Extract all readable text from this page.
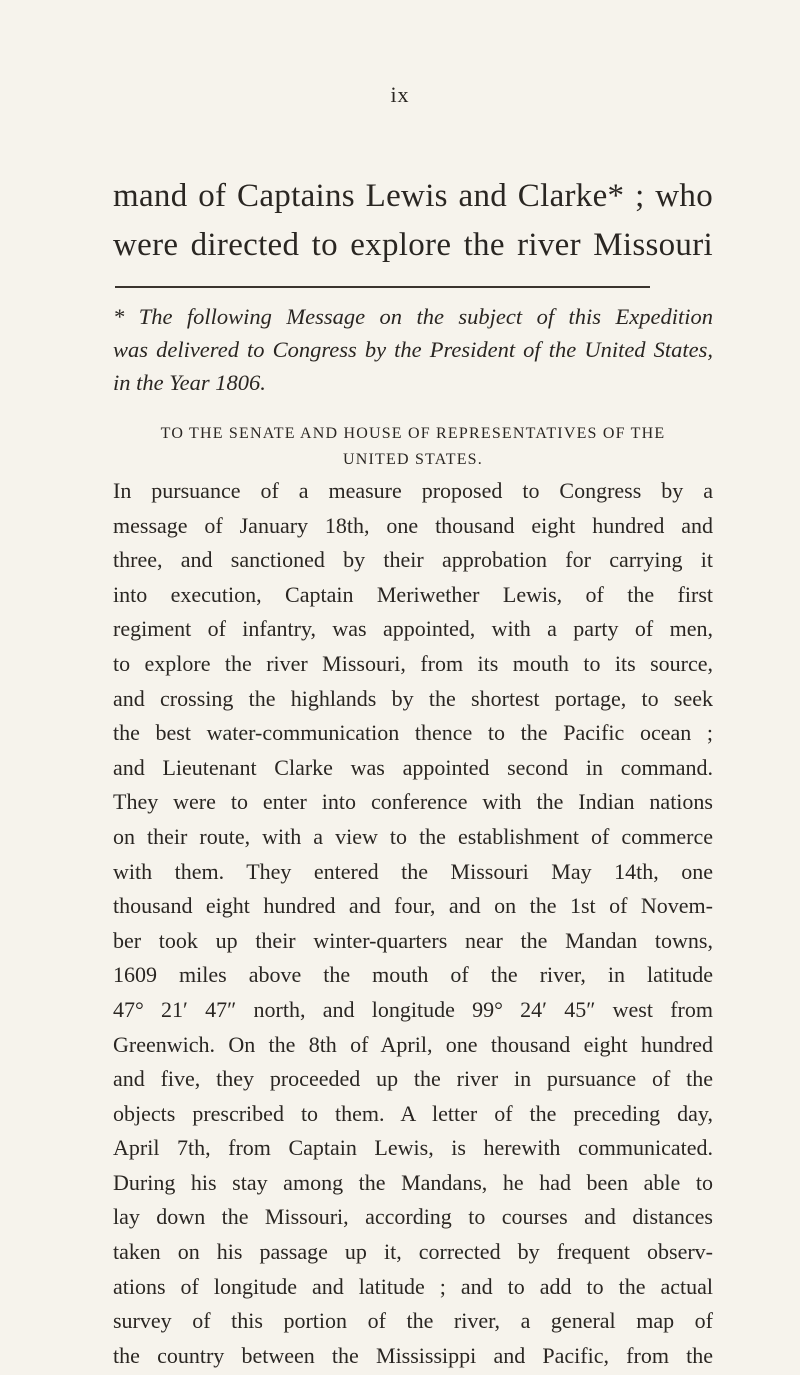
ix
mand of Captains Lewis and Clarke* ; who
were directed to explore the river Missouri
* The following Message on the subject of this Expedition
was delivered to Congress by the President of the United States,
in the Year 1806.
TO THE SENATE AND HOUSE OF REPRESENTATIVES OF THE
UNITED STATES.
In pursuance of a measure proposed to Congress by a
message of January 18th, one thousand eight hundred and
three, and sanctioned by their approbation for carrying it
into execution, Captain Meriwether Lewis, of the first
regiment of infantry, was appointed, with a party of men,
to explore the river Missouri, from its mouth to its source,
and crossing the highlands by the shortest portage, to seek
the best water-communication thence to the Pacific ocean ;
and Lieutenant Clarke was appointed second in command.
They were to enter into conference with the Indian nations
on their route, with a view to the establishment of commerce
with them. They entered the Missouri May 14th, one
thousand eight hundred and four, and on the 1st of Novem-
ber took up their winter-quarters near the Mandan towns,
1609 miles above the mouth of the river, in latitude
47° 21′ 47″ north, and longitude 99° 24′ 45″ west from
Greenwich. On the 8th of April, one thousand eight hundred
and five, they proceeded up the river in pursuance of the
objects prescribed to them. A letter of the preceding day,
April 7th, from Captain Lewis, is herewith communicated.
During his stay among the Mandans, he had been able to
lay down the Missouri, according to courses and distances
taken on his passage up it, corrected by frequent observ-
ations of longitude and latitude ; and to add to the actual
survey of this portion of the river, a general map of
the country between the Mississippi and Pacific, from the
